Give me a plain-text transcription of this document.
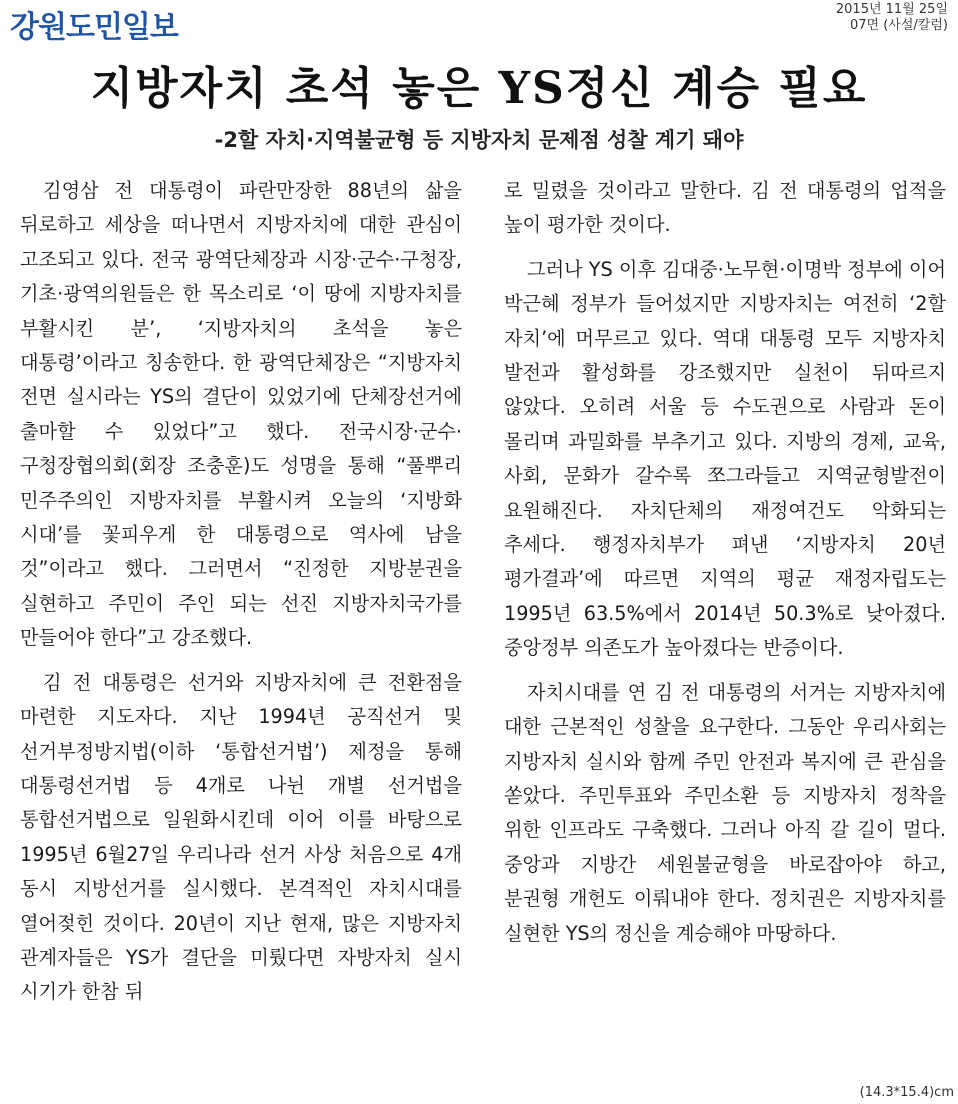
강원도민일보
2015년 11월 25일
07면 (사설/칼럼)
지방자치 초석 놓은 YS정신 계승 필요
-2할 자치·지역불균형 등 지방자치 문제점 성찰 계기 돼야

김영삼 전 대통령이 파란만장한 88년의 삶을 뒤로하고 세상을 떠나면서 지방자치에 대한 관심이 고조되고 있다. 전국 광역단체장과 시장·군수·구청장, 기초·광역의원들은 한 목소리로 ‘이 땅에 지방자치를 부활시킨 분’, ‘지방자치의 초석을 놓은 대통령’이라고 칭송한다. 한 광역단체장은 “지방자치 전면 실시라는 YS의 결단이 있었기에 단체장선거에 출마할 수 있었다”고 했다. 전국시장·군수·구청장협의회(회장 조충훈)도 성명을 통해 “풀뿌리 민주주의인 지방자치를 부활시켜 오늘의 ‘지방화 시대’를 꽃피우게 한 대통령으로 역사에 남을 것”이라고 했다. 그러면서 “진정한 지방분권을 실현하고 주민이 주인 되는 선진 지방자치국가를 만들어야 한다”고 강조했다.

김 전 대통령은 선거와 지방자치에 큰 전환점을 마련한 지도자다. 지난 1994년 공직선거 및 선거부정방지법(이하 ‘통합선거법’) 제정을 통해 대통령선거법 등 4개로 나뉜 개별 선거법을 통합선거법으로 일원화시킨데 이어 이를 바탕으로 1995년 6월27일 우리나라 선거 사상 처음으로 4개 동시 지방선거를 실시했다. 본격적인 자치시대를 열어젖힌 것이다. 20년이 지난 현재, 많은 지방자치 관계자들은 YS가 결단을 미뤘다면 자방자치 실시 시기가 한참 뒤

로 밀렸을 것이라고 말한다. 김 전 대통령의 업적을 높이 평가한 것이다.

그러나 YS 이후 김대중·노무현·이명박 정부에 이어 박근혜 정부가 들어섰지만 지방자치는 여전히 ‘2할 자치’에 머무르고 있다. 역대 대통령 모두 지방자치 발전과 활성화를 강조했지만 실천이 뒤따르지 않았다. 오히려 서울 등 수도권으로 사람과 돈이 몰리며 과밀화를 부추기고 있다. 지방의 경제, 교육, 사회, 문화가 갈수록 쪼그라들고 지역균형발전이 요원해진다. 자치단체의 재정여건도 악화되는 추세다. 행정자치부가 펴낸 ‘지방자치 20년 평가결과’에 따르면 지역의 평균 재정자립도는 1995년 63.5%에서 2014년 50.3%로 낮아졌다. 중앙정부 의존도가 높아졌다는 반증이다.

자치시대를 연 김 전 대통령의 서거는 지방자치에 대한 근본적인 성찰을 요구한다. 그동안 우리사회는 지방자치 실시와 함께 주민 안전과 복지에 큰 관심을 쏟았다. 주민투표와 주민소환 등 지방자치 정착을 위한 인프라도 구축했다. 그러나 아직 갈 길이 멀다. 중앙과 지방간 세원불균형을 바로잡아야 하고, 분권형 개헌도 이뤄내야 한다. 정치권은 지방자치를 실현한 YS의 정신을 계승해야 마땅하다.

(14.3*15.4)cm
